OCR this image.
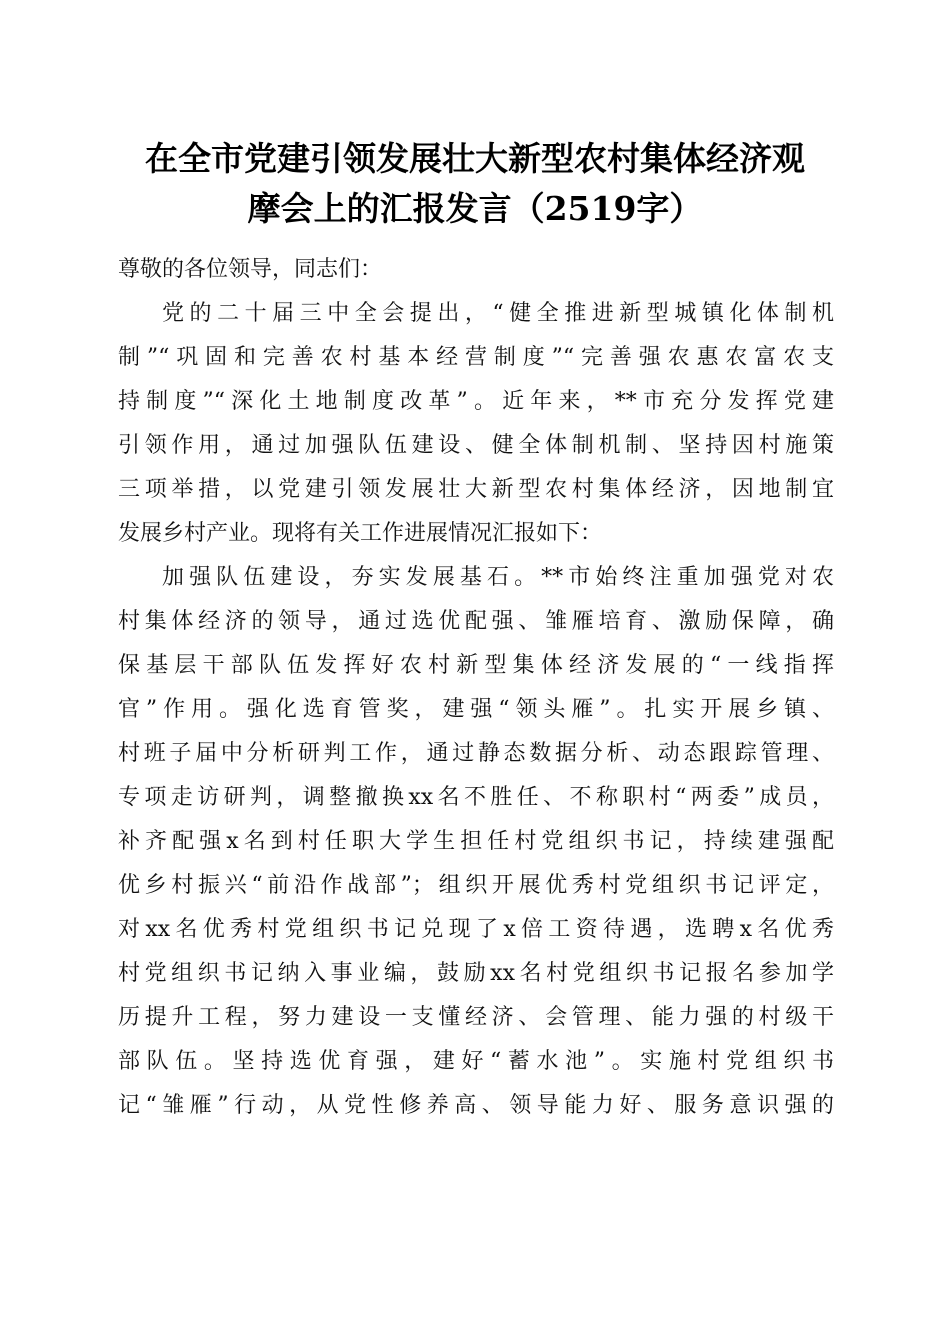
在全市党建引领发展壮大新型农村集体经济观
摩会上的汇报发言（2519字）
尊敬的各位领导，同志们：
党的二十届三中全会提出，“健全推进新型城镇化体制机
制”“巩固和完善农村基本经营制度”“完善强农惠农富农支
持制度”“深化土地制度改革”。近年来，**市充分发挥党建
引领作用，通过加强队伍建设、健全体制机制、坚持因村施策
三项举措，以党建引领发展壮大新型农村集体经济，因地制宜
发展乡村产业。现将有关工作进展情况汇报如下：
加强队伍建设，夯实发展基石。**市始终注重加强党对农
村集体经济的领导，通过选优配强、雏雁培育、激励保障，确
保基层干部队伍发挥好农村新型集体经济发展的“一线指挥
官”作用。强化选育管奖，建强“领头雁”。扎实开展乡镇、
村班子届中分析研判工作，通过静态数据分析、动态跟踪管理、
专项走访研判，调整撤换xx名不胜任、不称职村“两委”成员，
补齐配强x名到村任职大学生担任村党组织书记，持续建强配
优乡村振兴“前沿作战部”；组织开展优秀村党组织书记评定，
对xx名优秀村党组织书记兑现了x倍工资待遇，选聘x名优秀
村党组织书记纳入事业编，鼓励xx名村党组织书记报名参加学
历提升工程，努力建设一支懂经济、会管理、能力强的村级干
部队伍。坚持选优育强，建好“蓄水池”。实施村党组织书
记“雏雁”行动，从党性修养高、领导能力好、服务意识强的
